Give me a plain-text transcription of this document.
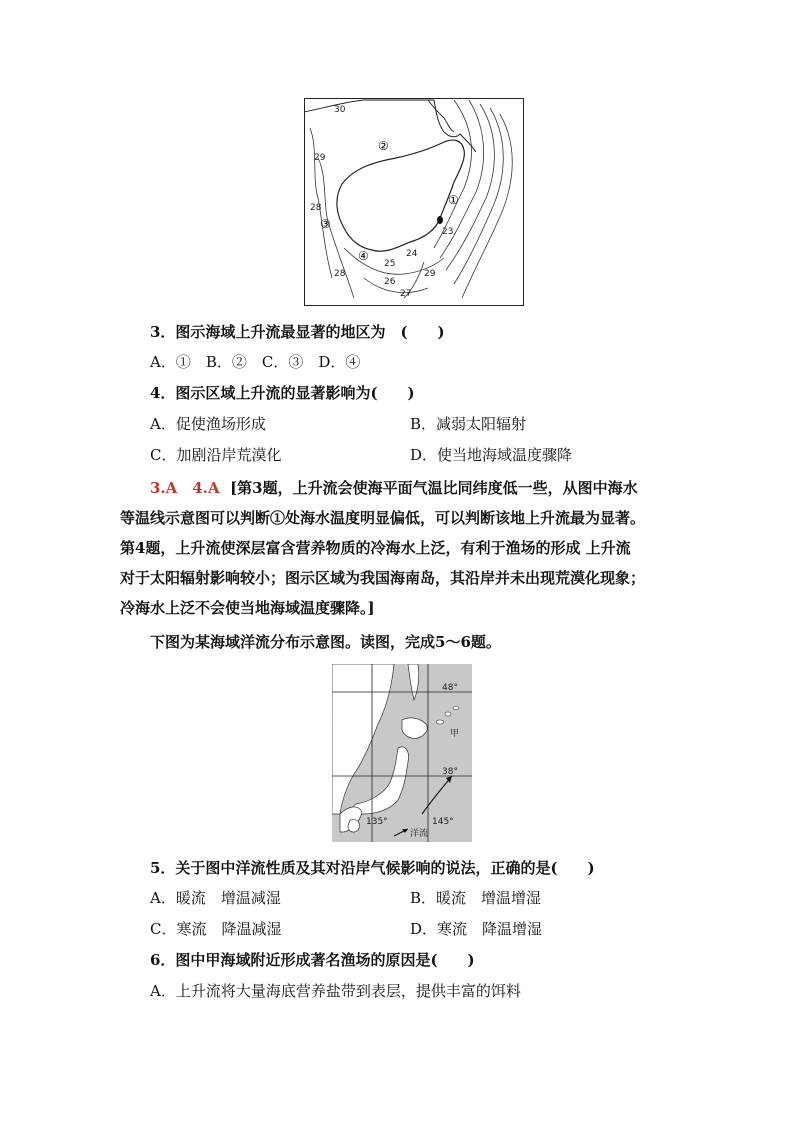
30
29
28
23
24
25
26
27
28	29
①
②
③
④
3．图示海域上升流最显著的地区为　(　　)
A．①　B．②　C．③　D．④
4．图示区域上升流的显著影响为(　　)
A．促使渔场形成	B．减弱太阳辐射
C．加剧沿岸荒漠化	D．使当地海域温度骤降

3.A　4.A [第3题，上升流会使海平面气温比同纬度低一些，从图中海水

等温线示意图可以判断①处海水温度明显偏低，可以判断该地上升流最为显著。

第4题，上升流使深层富含营养物质的冷海水上泛，有利于渔场的形成 上升流

对于太阳辐射影响较小；图示区域为我国海南岛，其沿岸并未出现荒漠化现象；

冷海水上泛不会使当地海域温度骤降。]

下图为某海域洋流分布示意图。读图，完成5～6题。
48°
38°
135°	145°
甲
洋流
5．关于图中洋流性质及其对沿岸气候影响的说法，正确的是(　　)
A．暖流　增温减湿	B．暖流　增温增湿
C．寒流　降温减湿	D．寒流　降温增湿
6．图中甲海域附近形成著名渔场的原因是(　　)
A．上升流将大量海底营养盐带到表层，提供丰富的饵料
